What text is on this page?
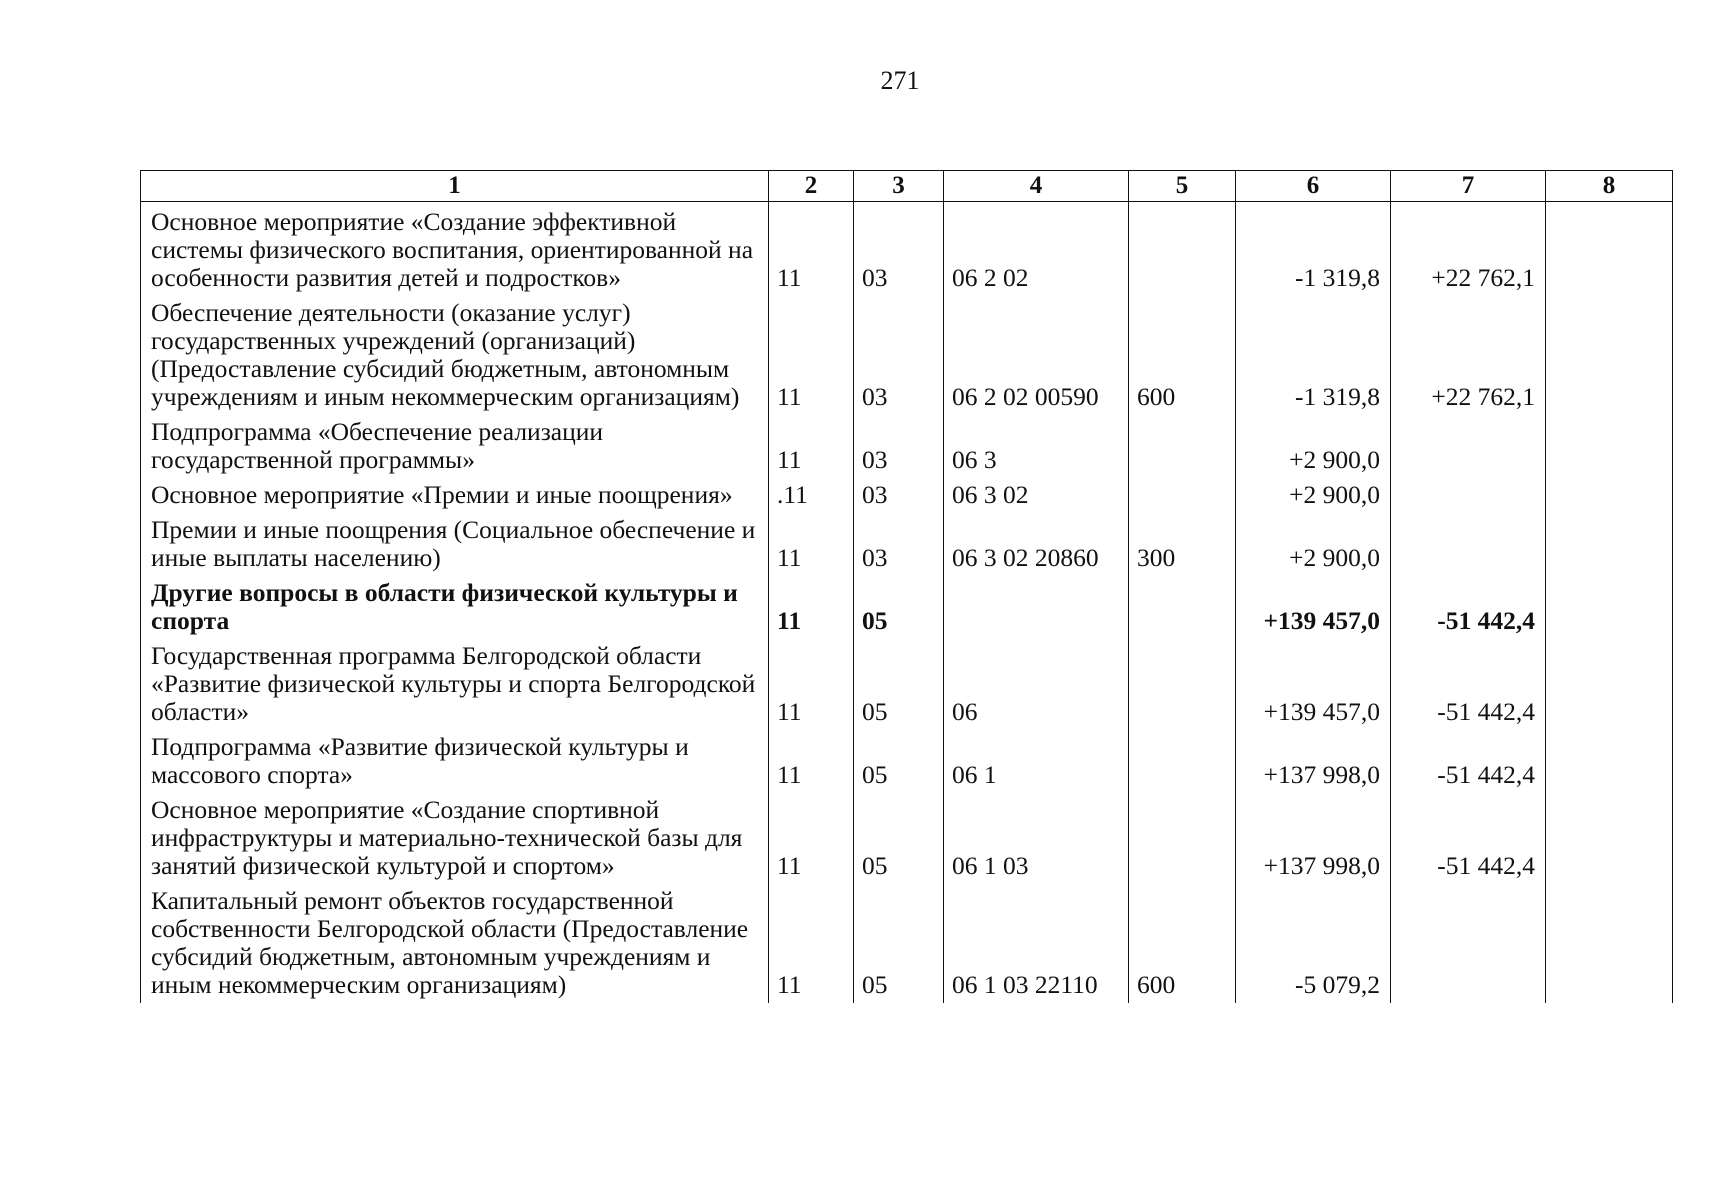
271
1	2	3	4	5	6	7	8
Основное мероприятие «Создание эффективной системы физического воспитания, ориентированной на особенности развития детей и подростков»	11	03	06 2 02		-1 319,8	+22 762,1	
Обеспечение деятельности (оказание услуг) государственных учреждений (организаций) (Предоставление субсидий бюджетным, автономным учреждениям и иным некоммерческим организациям)	11	03	06 2 02 00590	600	-1 319,8	+22 762,1	
Подпрограмма «Обеспечение реализации государственной программы»	11	03	06 3		+2 900,0		
Основное мероприятие «Премии и иные поощрения»	.11	03	06 3 02		+2 900,0		
Премии и иные поощрения (Социальное обеспечение и иные выплаты населению)	11	03	06 3 02 20860	300	+2 900,0		
Другие вопросы в области физической культуры и спорта	11	05			+139 457,0	-51 442,4	
Государственная программа Белгородской области «Развитие физической культуры и спорта Белгородской области»	11	05	06		+139 457,0	-51 442,4	
Подпрограмма «Развитие физической культуры и массового спорта»	11	05	06 1		+137 998,0	-51 442,4	
Основное мероприятие «Создание спортивной инфраструктуры и материально-технической базы для занятий физической культурой и спортом»	11	05	06 1 03		+137 998,0	-51 442,4	
Капитальный ремонт объектов государственной собственности Белгородской области (Предоставление субсидий бюджетным, автономным учреждениям и иным некоммерческим организациям)	11	05	06 1 03 22110	600	-5 079,2		
